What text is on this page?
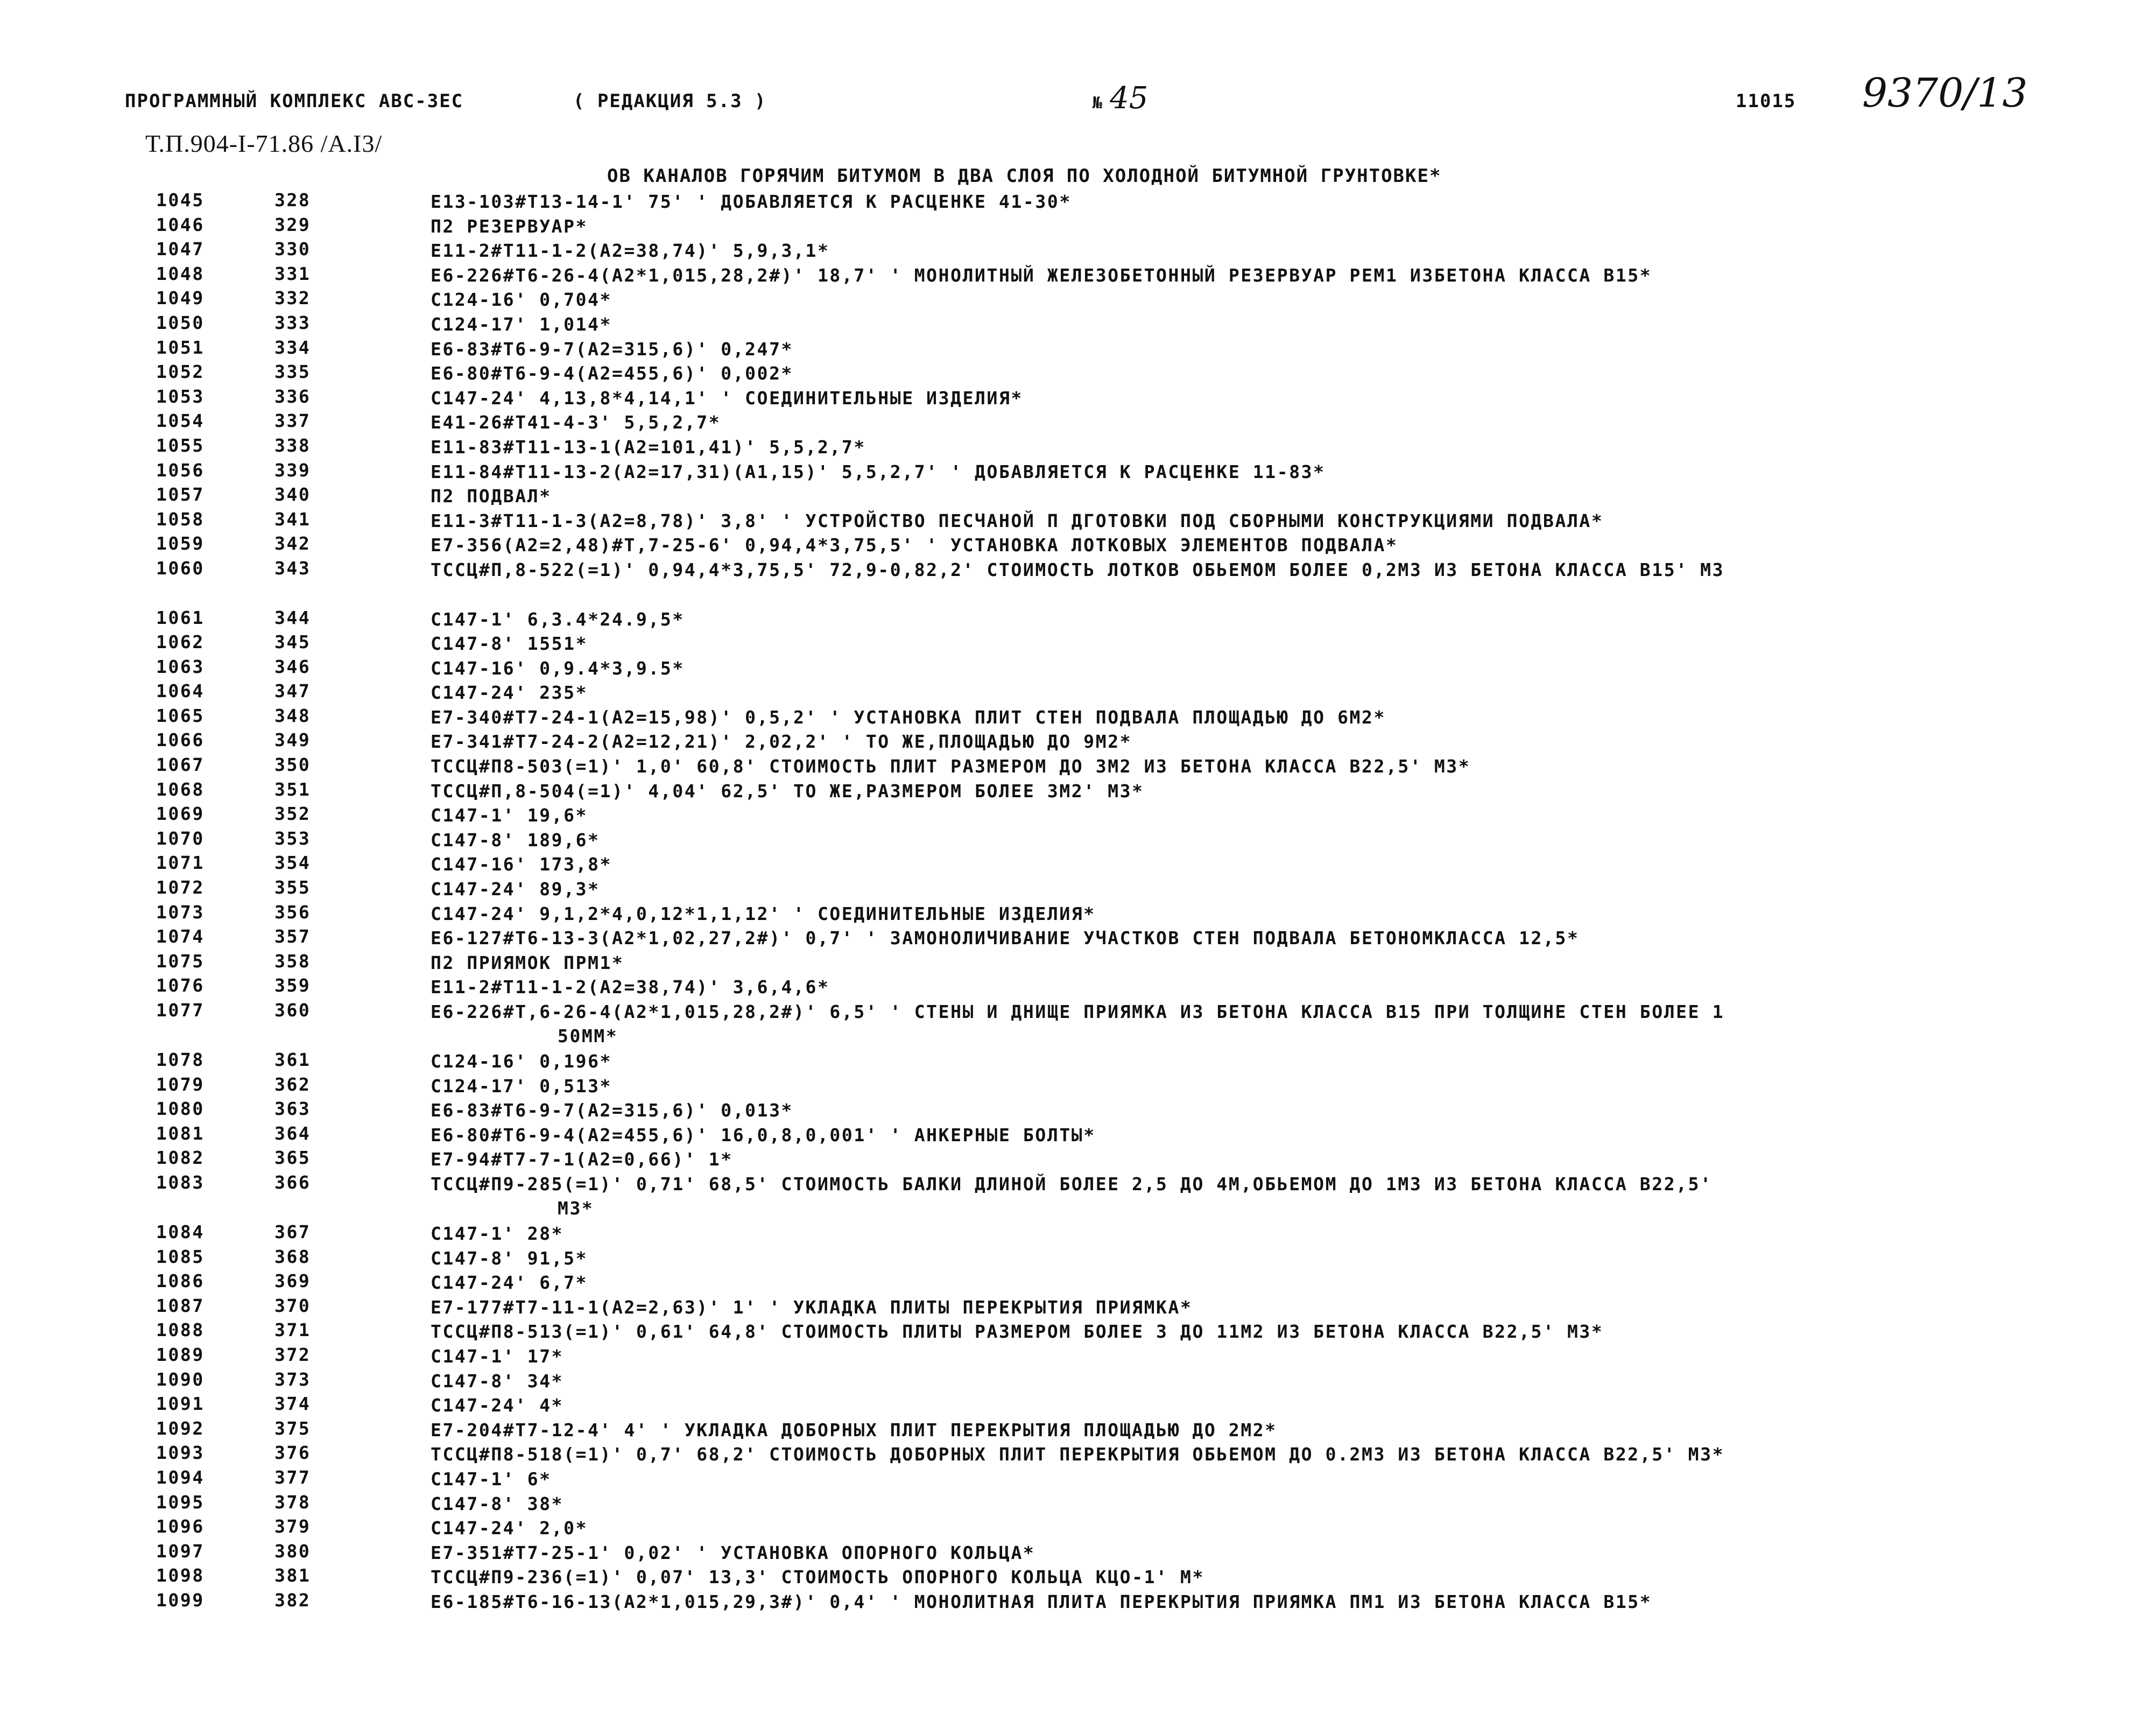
ПРОГРАММНЫЙ КОМПЛЕКС АВС-3ЕС	( РЕДАКЦИЯ 5.3 )	№ 45	11015 9370/13
Т.П.904-I-71.86 /А.I3/
ОВ КАНАЛОВ ГОРЯЧИМ БИТУМОМ В ДВА СЛОЯ ПО ХОЛОДНОЙ БИТУМНОЙ ГРУНТОВКЕ*
1045	328	Е13-103#Т13-14-1' 75' ' ДОБАВЛЯЕТСЯ К РАСЦЕНКЕ 41-30*
1046	329	П2 РЕЗЕРВУАР*
1047	330	Е11-2#Т11-1-2(А2=38,74)' 5,9,3,1*
1048	331	Е6-226#Т6-26-4(А2*1,015,28,2#)' 18,7' ' МОНОЛИТНЫЙ ЖЕЛЕЗОБЕТОННЫЙ РЕЗЕРВУАР РЕМ1 ИЗБЕТОНА КЛАССА В15*
1049	332	С124-16' 0,704*
1050	333	С124-17' 1,014*
1051	334	Е6-83#Т6-9-7(А2=315,6)' 0,247*
1052	335	Е6-80#Т6-9-4(А2=455,6)' 0,002*
1053	336	С147-24' 4,13,8*4,14,1' ' СОЕДИНИТЕЛЬНЫЕ ИЗДЕЛИЯ*
1054	337	Е41-26#Т41-4-3' 5,5,2,7*
1055	338	Е11-83#Т11-13-1(А2=101,41)' 5,5,2,7*
1056	339	Е11-84#Т11-13-2(А2=17,31)(А1,15)' 5,5,2,7' ' ДОБАВЛЯЕТСЯ К РАСЦЕНКЕ 11-83*
1057	340	П2 ПОДВАЛ*
1058	341	Е11-3#Т11-1-3(А2=8,78)' 3,8' ' УСТРОЙСТВО ПЕСЧАНОЙ П ДГОТОВКИ ПОД СБОРНЫМИ КОНСТРУКЦИЯМИ ПОДВАЛА*
1059	342	Е7-356(А2=2,48)#Т,7-25-6' 0,94,4*3,75,5' ' УСТАНОВКА ЛОТКОВЫХ ЭЛЕМЕНТОВ ПОДВАЛА*
1060	343	ТССЦ#П,8-522(=1)' 0,94,4*3,75,5' 72,9-0,82,2' СТОИМОСТЬ ЛОТКОВ ОБЬЕМОМ БОЛЕЕ 0,2М3 ИЗ БЕТОНА КЛАССА В15' М3
1061	344	С147-1' 6,3.4*24.9,5*
1062	345	С147-8' 1551*
1063	346	С147-16' 0,9.4*3,9.5*
1064	347	С147-24' 235*
1065	348	Е7-340#Т7-24-1(А2=15,98)' 0,5,2' ' УСТАНОВКА ПЛИТ СТЕН ПОДВАЛА ПЛОЩАДЬЮ ДО 6М2*
1066	349	Е7-341#Т7-24-2(А2=12,21)' 2,02,2' ' ТО ЖЕ,ПЛОЩАДЬЮ ДО 9М2*
1067	350	ТССЦ#П8-503(=1)' 1,0' 60,8' СТОИМОСТЬ ПЛИТ РАЗМЕРОМ ДО 3М2 ИЗ БЕТОНА КЛАССА В22,5' М3*
1068	351	ТССЦ#П,8-504(=1)' 4,04' 62,5' ТО ЖЕ,РАЗМЕРОМ БОЛЕЕ 3М2' М3*
1069	352	С147-1' 19,6*
1070	353	С147-8' 189,6*
1071	354	С147-16' 173,8*
1072	355	С147-24' 89,3*
1073	356	С147-24' 9,1,2*4,0,12*1,1,12' ' СОЕДИНИТЕЛЬНЫЕ ИЗДЕЛИЯ*
1074	357	Е6-127#Т6-13-3(А2*1,02,27,2#)' 0,7' ' ЗАМОНОЛИЧИВАНИЕ УЧАСТКОВ СТЕН ПОДВАЛА БЕТОНОМКЛАССА 12,5*
1075	358	П2 ПРИЯМОК ПРМ1*
1076	359	Е11-2#Т11-1-2(А2=38,74)' 3,6,4,6*
1077	360	Е6-226#Т,6-26-4(А2*1,015,28,2#)' 6,5' ' СТЕНЫ И ДНИЩЕ ПРИЯМКА ИЗ БЕТОНА КЛАССА В15 ПРИ ТОЛЩИНЕ СТЕН БОЛЕЕ 1
50ММ*
1078	361	С124-16' 0,196*
1079	362	С124-17' 0,513*
1080	363	Е6-83#Т6-9-7(А2=315,6)' 0,013*
1081	364	Е6-80#Т6-9-4(А2=455,6)' 16,0,8,0,001' ' АНКЕРНЫЕ БОЛТЫ*
1082	365	Е7-94#Т7-7-1(А2=0,66)' 1*
1083	366	ТССЦ#П9-285(=1)' 0,71' 68,5' СТОИМОСТЬ БАЛКИ ДЛИНОЙ БОЛЕЕ 2,5 ДО 4М,ОБЬЕМОМ ДО 1М3 ИЗ БЕТОНА КЛАССА В22,5'
М3*
1084	367	С147-1' 28*
1085	368	С147-8' 91,5*
1086	369	С147-24' 6,7*
1087	370	Е7-177#Т7-11-1(А2=2,63)' 1' ' УКЛАДКА ПЛИТЫ ПЕРЕКРЫТИЯ ПРИЯМКА*
1088	371	ТССЦ#П8-513(=1)' 0,61' 64,8' СТОИМОСТЬ ПЛИТЫ РАЗМЕРОМ БОЛЕЕ 3 ДО 11М2 ИЗ БЕТОНА КЛАССА В22,5' М3*
1089	372	С147-1' 17*
1090	373	С147-8' 34*
1091	374	С147-24' 4*
1092	375	Е7-204#Т7-12-4' 4' ' УКЛАДКА ДОБОРНЫХ ПЛИТ ПЕРЕКРЫТИЯ ПЛОЩАДЬЮ ДО 2М2*
1093	376	ТССЦ#П8-518(=1)' 0,7' 68,2' СТОИМОСТЬ ДОБОРНЫХ ПЛИТ ПЕРЕКРЫТИЯ ОБЬЕМОМ ДО 0.2М3 ИЗ БЕТОНА КЛАССА В22,5' М3*
1094	377	С147-1' 6*
1095	378	С147-8' 38*
1096	379	С147-24' 2,0*
1097	380	Е7-351#Т7-25-1' 0,02' ' УСТАНОВКА ОПОРНОГО КОЛЬЦА*
1098	381	ТССЦ#П9-236(=1)' 0,07' 13,3' СТОИМОСТЬ ОПОРНОГО КОЛЬЦА КЦО-1' М*
1099	382	Е6-185#Т6-16-13(А2*1,015,29,3#)' 0,4' ' МОНОЛИТНАЯ ПЛИТА ПЕРЕКРЫТИЯ ПРИЯМКА ПМ1 ИЗ БЕТОНА КЛАССА В15*
